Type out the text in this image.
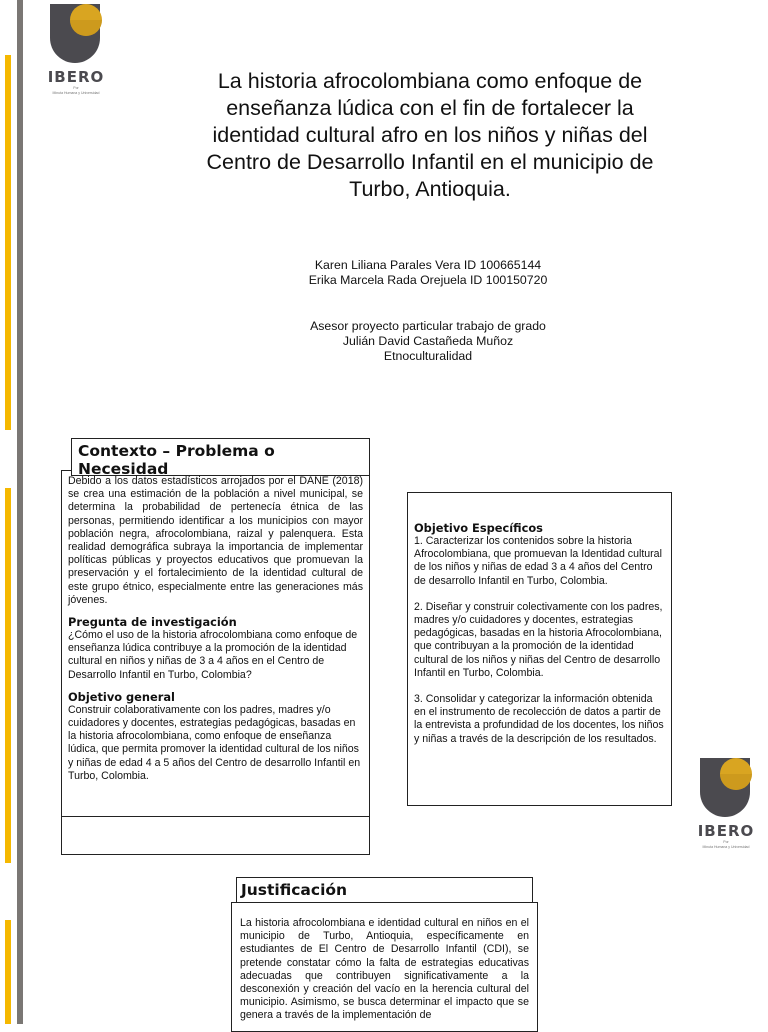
IBERO
Por
Minuta Humana y Universidad
IBERO
Por
Minuta Humana y Universidad
La historia afrocolombiana como enfoque de enseñanza lúdica con el fin de fortalecer la identidad cultural afro en los niños y niñas del Centro de Desarrollo Infantil en el municipio de Turbo, Antioquia.
Karen Liliana Parales Vera ID 100665144
Erika Marcela Rada Orejuela ID 100150720
Asesor proyecto particular trabajo de grado
Julián David Castañeda Muñoz
Etnoculturalidad
Contexto – Problema o Necesidad

Debido a los datos estadísticos arrojados por el DANE (2018) se crea una estimación de la población a nivel municipal, se determina la probabilidad de pertenecía étnica de las personas, permitiendo identificar a los municipios con mayor población negra, afrocolombiana, raizal y palenquera. Esta realidad demográfica subraya la importancia de implementar políticas públicas y proyectos educativos que promuevan la preservación y el fortalecimiento de la identidad cultural de este grupo étnico, especialmente entre las generaciones más jóvenes.

Pregunta de investigación

¿Cómo el uso de la historia afrocolombiana como enfoque de enseñanza lúdica contribuye a la promoción de la identidad cultural en niños y niñas de 3 a 4 años en el Centro de Desarrollo Infantil en Turbo, Colombia?

Objetivo general

Construir colaborativamente con los padres, madres y/o cuidadores y docentes, estrategias pedagógicas, basadas en la historia afrocolombiana, como enfoque de enseñanza lúdica, que permita promover la identidad cultural de los niños y niñas de edad 4 a 5 años del Centro de desarrollo Infantil en Turbo, Colombia.

Objetivo Específicos

1. Caracterizar los contenidos sobre la historia Afrocolombiana, que promuevan la Identidad cultural de los niños y niñas de edad 3 a 4 años del Centro de desarrollo Infantil en Turbo, Colombia.

2. Diseñar y construir colectivamente con los padres, madres y/o cuidadores y docentes, estrategias pedagógicas, basadas en la historia Afrocolombiana, que contribuyan a la promoción de la identidad cultural de los niños y niñas del Centro de desarrollo Infantil en Turbo, Colombia.

3. Consolidar y categorizar la información obtenida en el instrumento de recolección de datos a partir de la entrevista a profundidad de los docentes, los niños y niñas a través de la descripción de los resultados.

Justificación

La historia afrocolombiana e identidad cultural en niños en el municipio de Turbo, Antioquia, específicamente en estudiantes de El Centro de Desarrollo Infantil (CDI), se pretende constatar cómo la falta de estrategias educativas adecuadas que contribuyen significativamente a la desconexión y creación del vacío en la herencia cultural del municipio. Asimismo, se busca determinar el impacto que se genera a través de la implementación de
